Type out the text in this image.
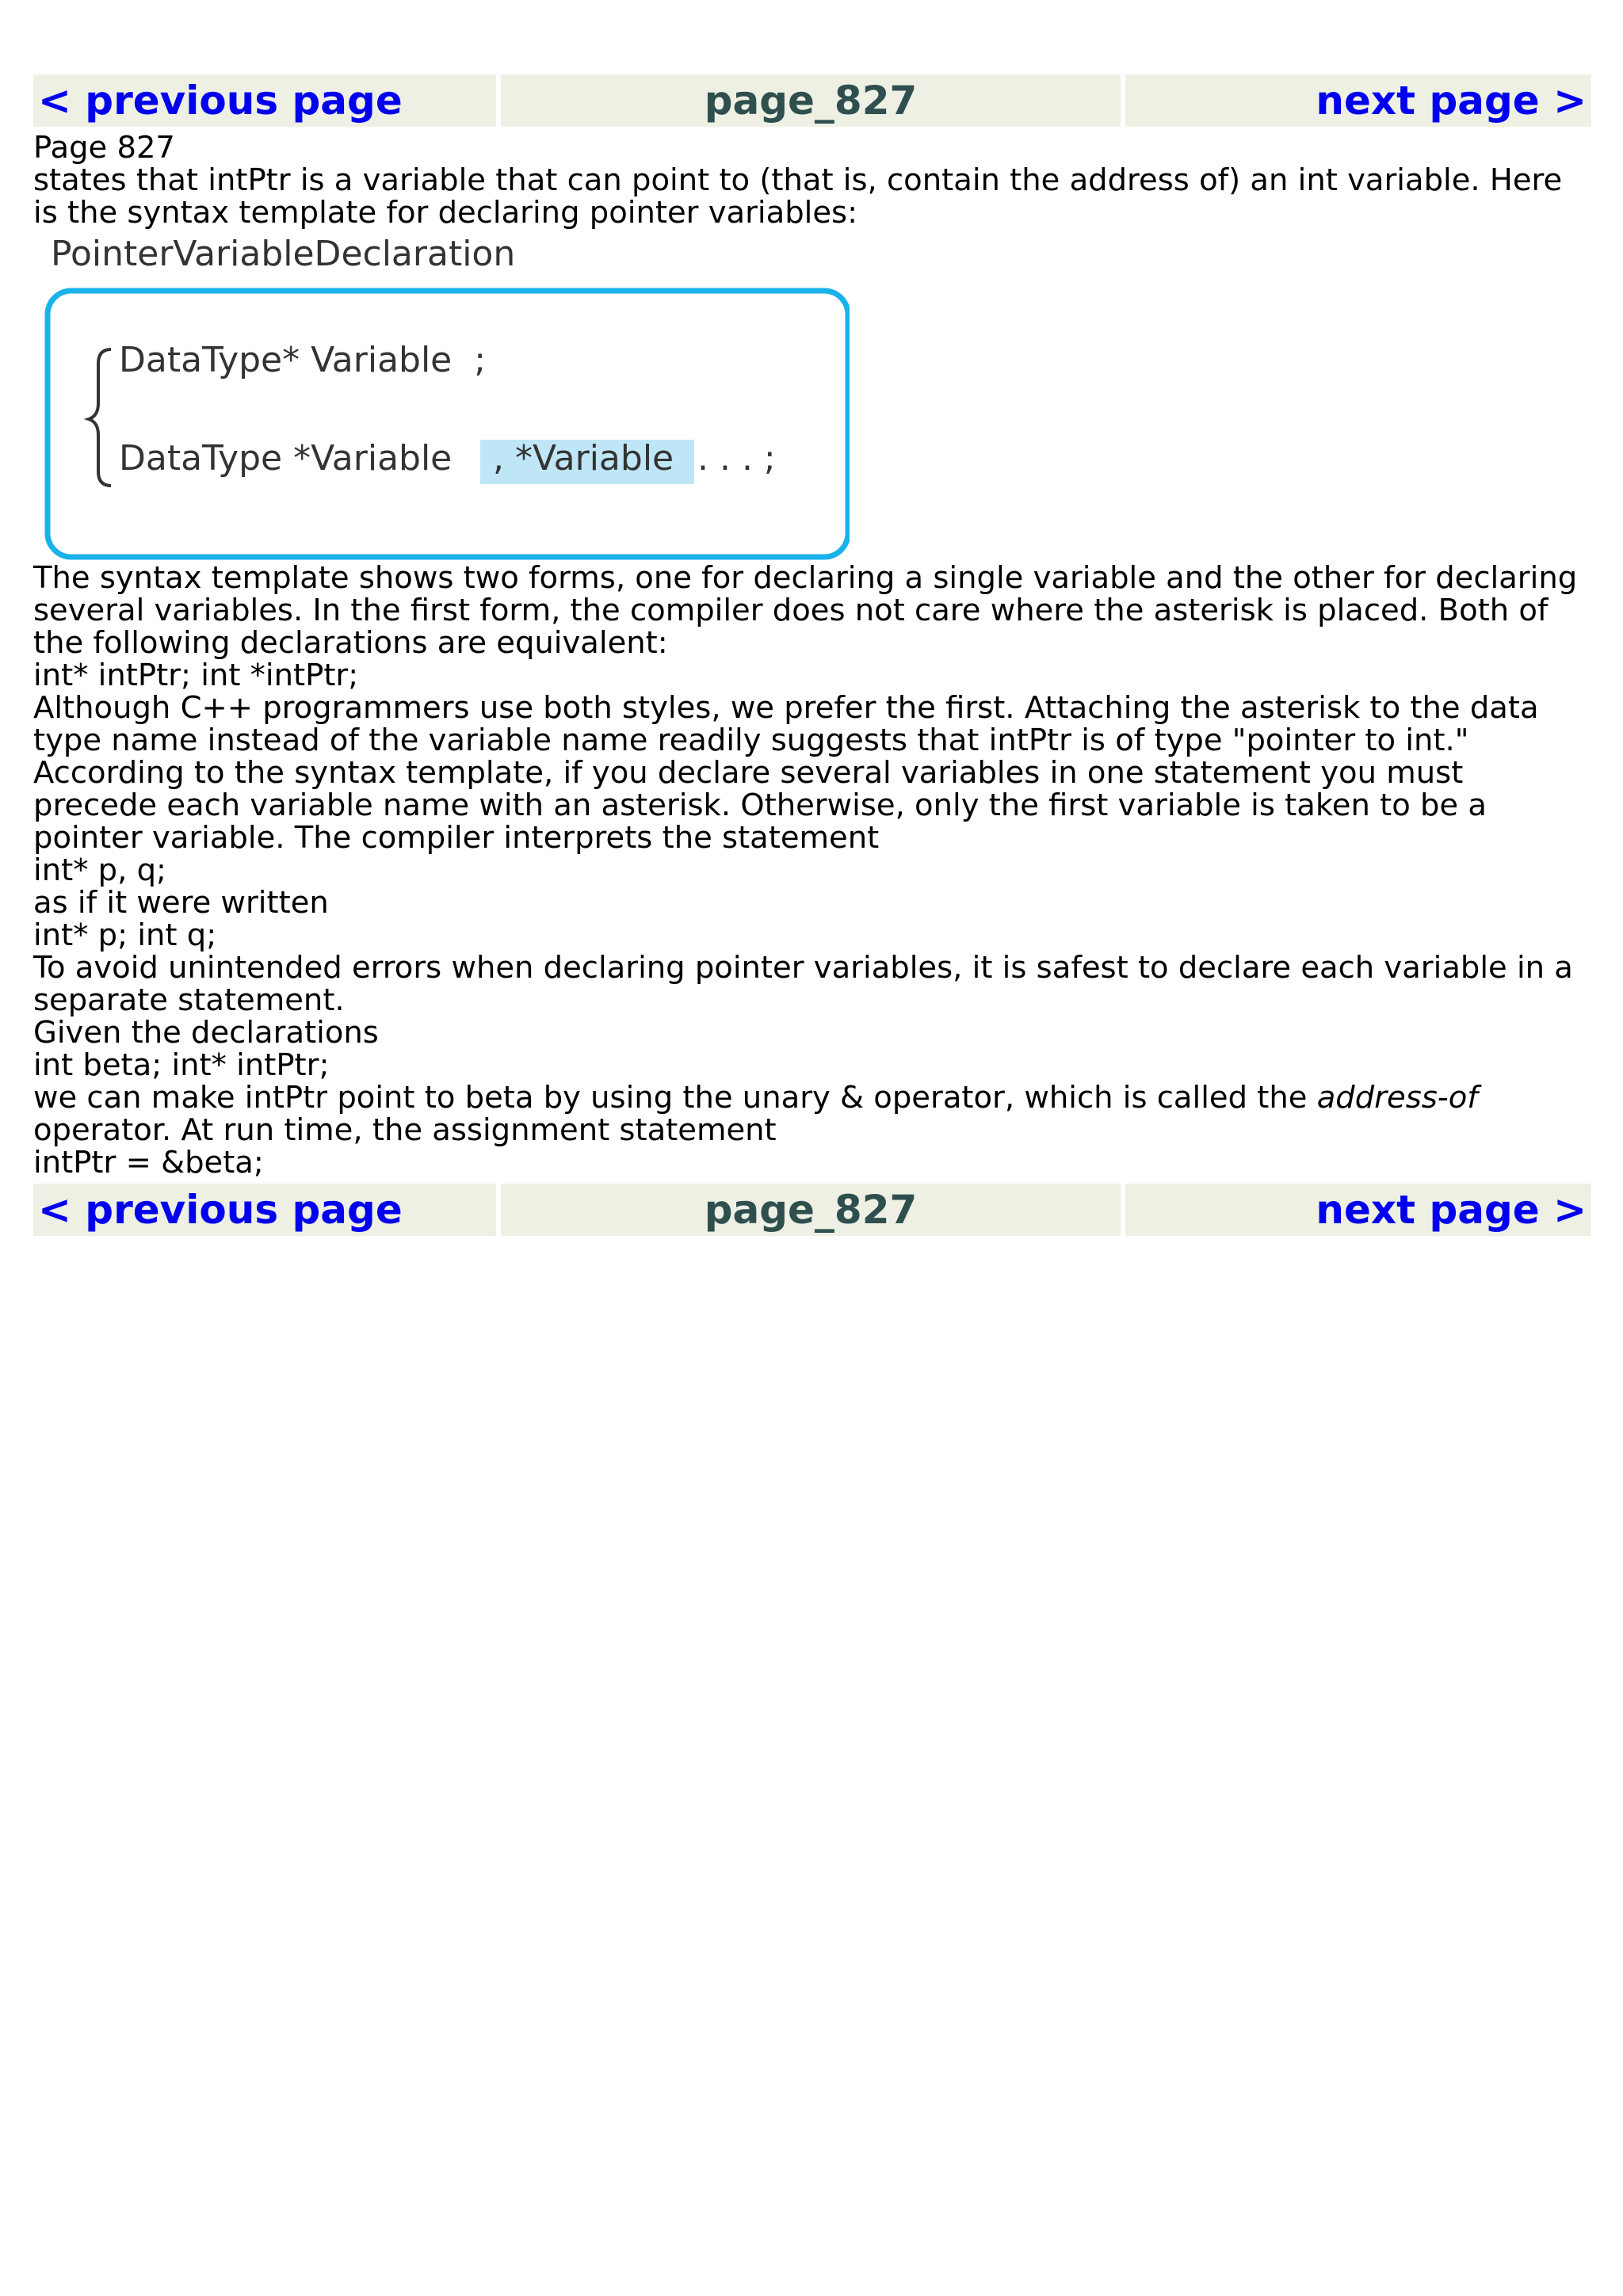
< previous page	page_827	next page >
Page 827
states that intPtr is a variable that can point to (that is, contain the address of) an int variable. Here is the syntax template for declaring pointer variables:
PointerVariableDeclaration
DataType* Variable  ;
DataType *Variable , *Variable . . . ;
The syntax template shows two forms, one for declaring a single variable and the other for declaring several variables. In the first form, the compiler does not care where the asterisk is placed. Both of the following declarations are equivalent:
int* intPtr; int *intPtr;
Although C++ programmers use both styles, we prefer the first. Attaching the asterisk to the data type name instead of the variable name readily suggests that intPtr is of type "pointer to int."
According to the syntax template, if you declare several variables in one statement you must precede each variable name with an asterisk. Otherwise, only the first variable is taken to be a pointer variable. The compiler interprets the statement
int* p, q;
as if it were written
int* p; int q;
To avoid unintended errors when declaring pointer variables, it is safest to declare each variable in a separate statement.
Given the declarations
int beta; int* intPtr;
we can make intPtr point to beta by using the unary & operator, which is called the address-of operator. At run time, the assignment statement
intPtr = &beta;
< previous page	page_827	next page >
